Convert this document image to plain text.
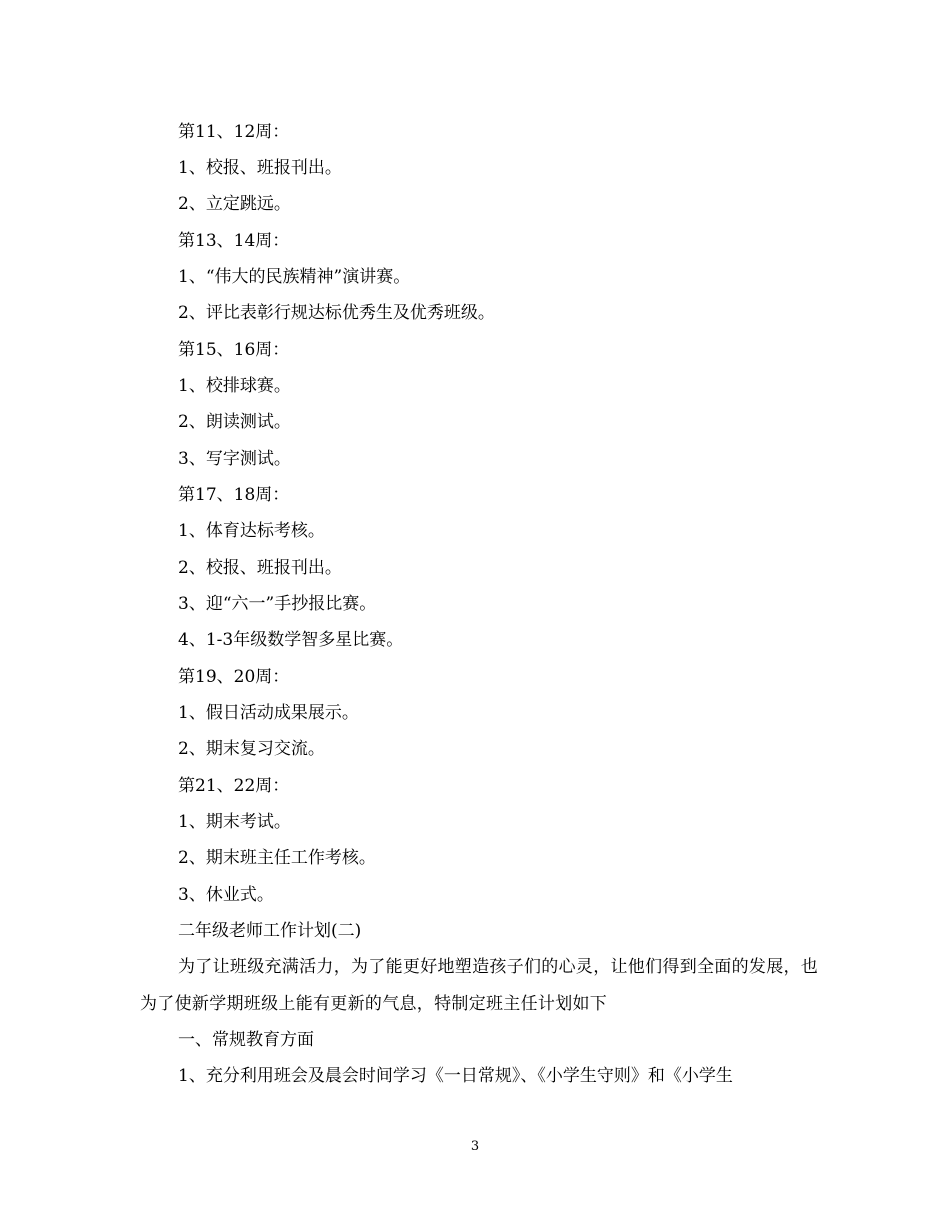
第11、12周：
1、校报、班报刊出。
2、立定跳远。
第13、14周：
1、“伟大的民族精神”演讲赛。
2、评比表彰行规达标优秀生及优秀班级。
第15、16周：
1、校排球赛。
2、朗读测试。
3、写字测试。
第17、18周：
1、体育达标考核。
2、校报、班报刊出。
3、迎“六一”手抄报比赛。
4、1-3年级数学智多星比赛。
第19、20周：
1、假日活动成果展示。
2、期末复习交流。
第21、22周：
1、期末考试。
2、期末班主任工作考核。
3、休业式。
二年级老师工作计划(二)
为了让班级充满活力，为了能更好地塑造孩子们的心灵，让他们得到全面的发展，也为了使新学期班级上能有更新的气息，特制定班主任计划如下
一、常规教育方面
1、充分利用班会及晨会时间学习《一日常规》、《小学生守则》和《小学生
3
